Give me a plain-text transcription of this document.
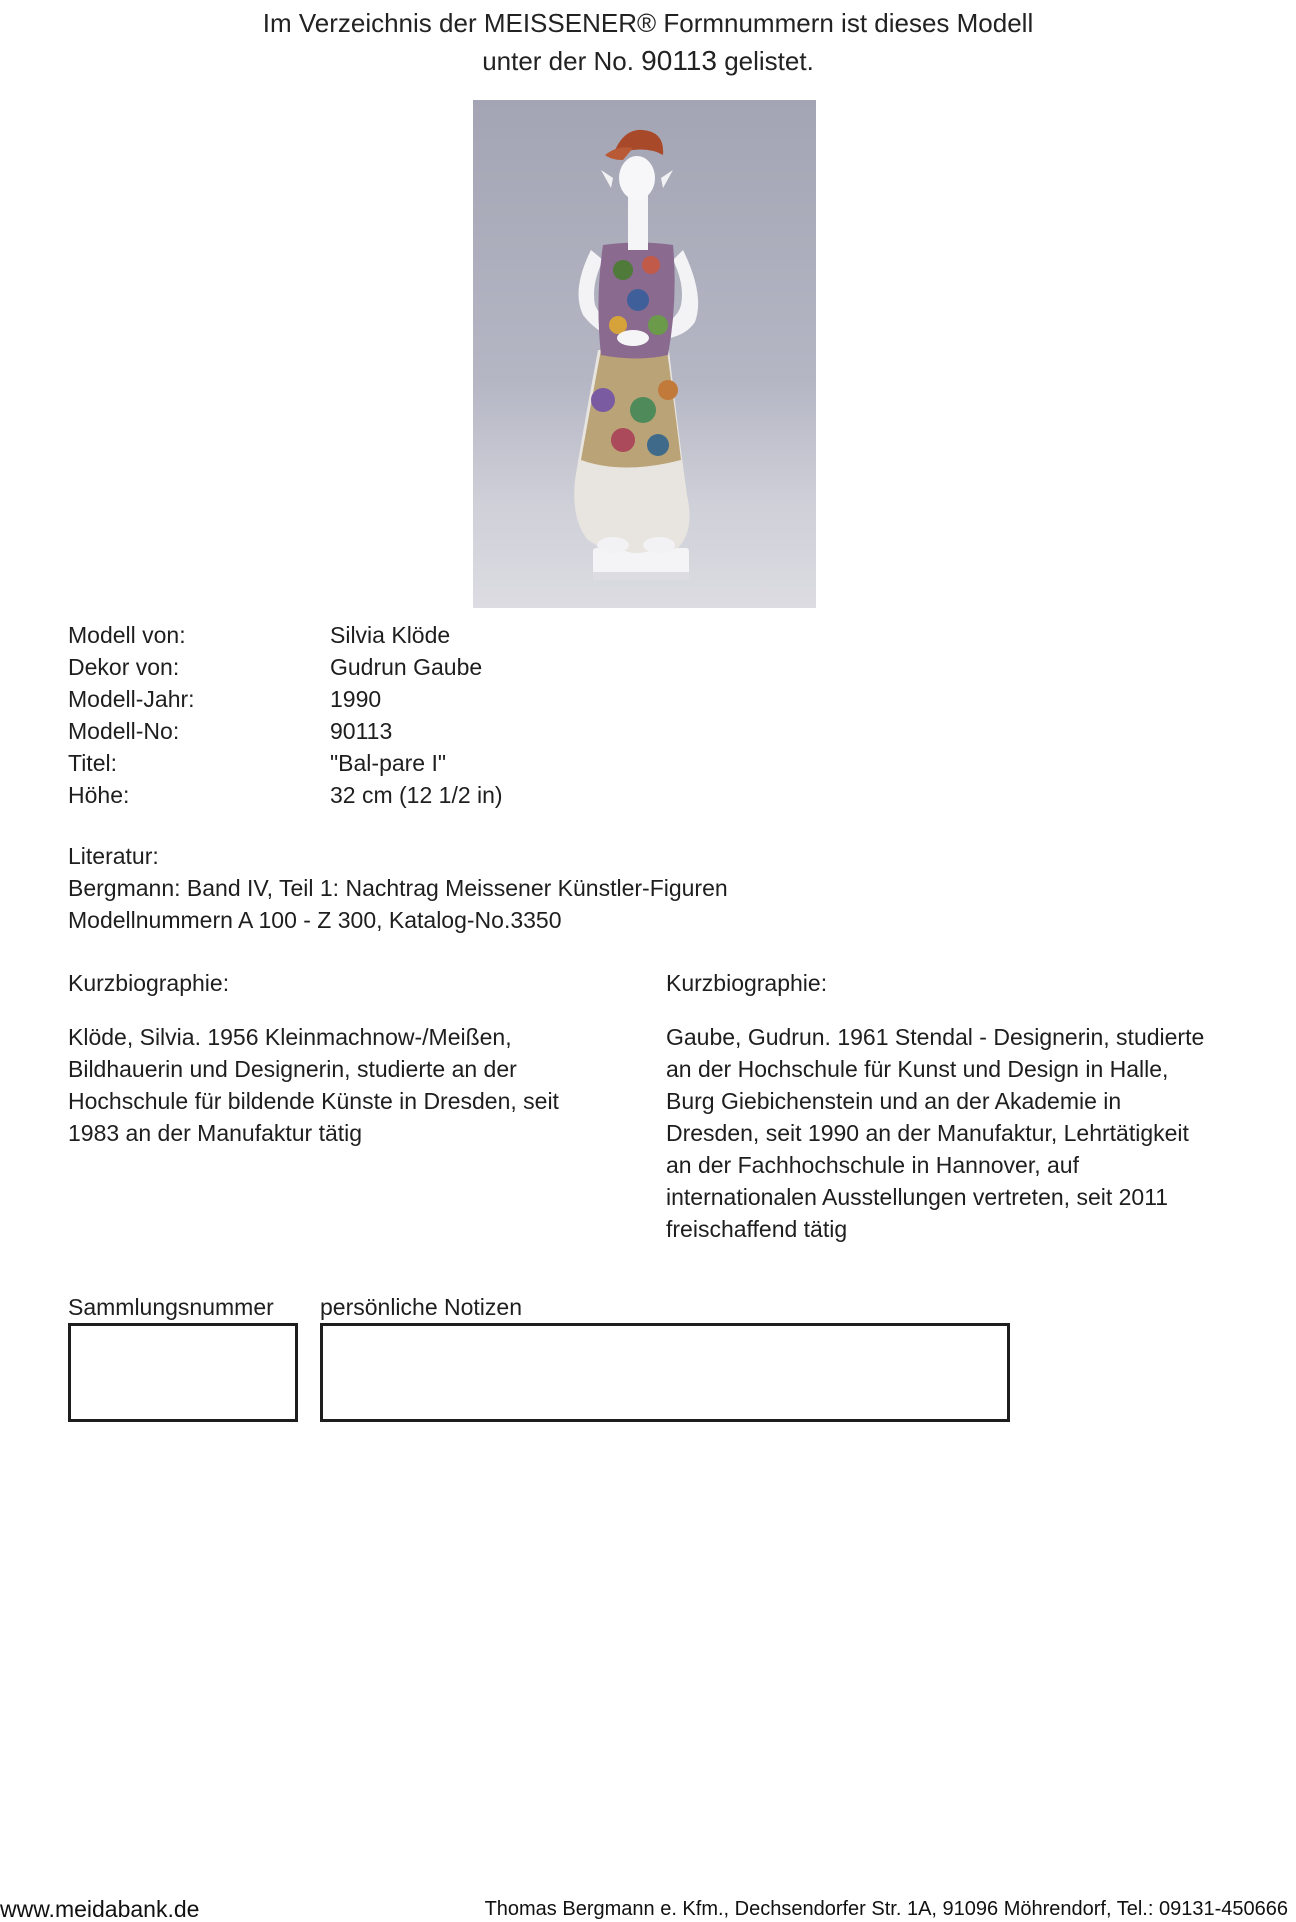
Im Verzeichnis der MEISSENER® Formnummern ist dieses Modell
unter der No. 90113 gelistet.
Modell von:	Silvia Klöde
Dekor von:	Gudrun Gaube
Modell-Jahr:	1990
Modell-No:	90113
Titel:	"Bal-pare I"
Höhe:	32 cm (12 1/2 in)
Literatur:
Bergmann: Band IV, Teil 1: Nachtrag Meissener Künstler-Figuren
Modellnummern A 100 - Z 300, Katalog-No.3350
Kurzbiographie:
Klöde, Silvia. 1956 Kleinmachnow-/Meißen,
Bildhauerin und Designerin, studierte an der
Hochschule für bildende Künste in Dresden, seit
1983 an der Manufaktur tätig
Kurzbiographie:
Gaube, Gudrun. 1961 Stendal - Designerin, studierte
an der Hochschule für Kunst und Design in Halle,
Burg Giebichenstein und an der Akademie in
Dresden, seit 1990 an der Manufaktur, Lehrtätigkeit
an der Fachhochschule in Hannover, auf
internationalen Ausstellungen vertreten, seit 2011
freischaffend tätig
Sammlungsnummer persönliche Notizen
www.meidabank.de	Thomas Bergmann e. Kfm., Dechsendorfer Str. 1A, 91096 Möhrendorf, Tel.: 09131-450666
